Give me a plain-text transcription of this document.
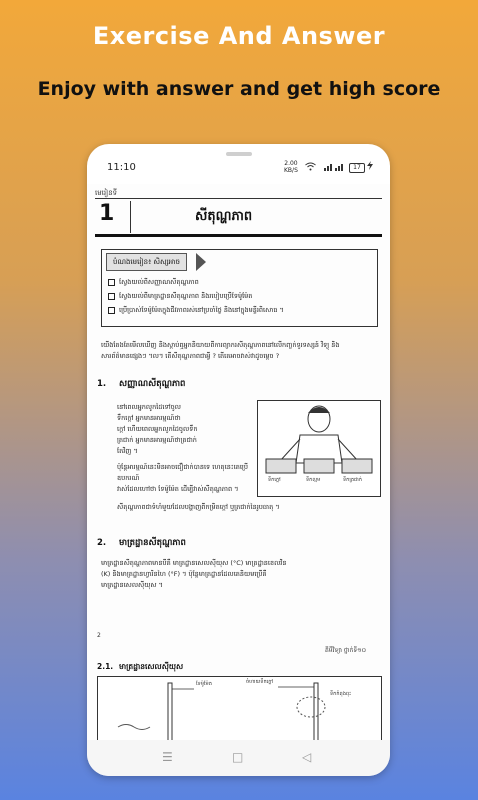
Exercise And Answer
Enjoy with answer and get high score
11:10	2.00
KB/S	17
មេរៀនទី
1	សីតុណ្ហភាព
បំណងមេរៀន៖ សិស្សអាច
ស្វែងយល់ពីសញ្ញាណសីតុណ្ហភាព
ស្វែងយល់ពីមាត្រដ្ឋានសីតុណ្ហភាព និងរបៀបប្រើទែម៉ូម៉ែត
ប្រើប្រាស់ទែម៉ូម៉ែតក្នុងជីវភាពរស់នៅប្រចាំថ្ងៃ និងនៅក្នុងមន្ទីរពិសោធ ។
យើងតែងតែមើលឃើញ និងស្ដាប់ឮអ្នកនិយាយពីការព្យាករសីតុណ្ហភាពនៅលើកញ្ចក់ទូរទស្សន៍ វិទ្យុ និង
សារព័ត៌មានផ្សេងៗ ។ល។ តើសីតុណ្ហភាពជាអ្វី ? តើគេអាចវាស់វាដូចម្ដេច ?
1. សញ្ញាណសីតុណ្ហភាព
នៅពេលអ្នកលូកដៃទៅចូល
ទឹកក្ដៅ អ្នកមានអារម្មណ៍ថា
ក្ដៅ ហើយពេលអ្នកលូកដៃចូលទឹក
ត្រជាក់ អ្នកមានអារម្មណ៍ថាត្រជាក់
តែវិញ ។
ប៉ុន្តែអារម្មណ៍នេះមិនអាចជឿជាក់បានទេ ហេតុនេះគេប្រើឧបករណ៍
វាស់ដែលហៅថា ទែម៉ូម៉ែត ដើម្បីវាស់សីតុណ្ហភាព ។
សីតុណ្ហភាពជាទំហំមួយដែលបង្ហាញពីកម្រិតក្ដៅ ឬត្រជាក់នៃរូបធាតុ ។
ទឹកក្ដៅ	ទឹកល្មម	ទឹកត្រជាក់
2. មាត្រដ្ឋានសីតុណ្ហភាព
មាត្រដ្ឋានសីតុណ្ហភាពមានបីគឺ មាត្រដ្ឋានសេលស៊ីយុស (°C) មាត្រដ្ឋានខេលវិន
(K) និងមាត្រដ្ឋានហ្វារិនហៃ (°F) ។ ប៉ុន្តែមាត្រដ្ឋានដែលគេនិយមប្រើគឺ
មាត្រដ្ឋានសេលស៊ីយុស ។
2
គីមីវិទ្យា ថ្នាក់ទី១០
2.1. មាត្រដ្ឋានសេលស៊ីយុស
ទែម៉ូម៉ែត	ចំហាយទឹកក្ដៅ
ទឹកកំពុងពុះ
☰	□	◁
